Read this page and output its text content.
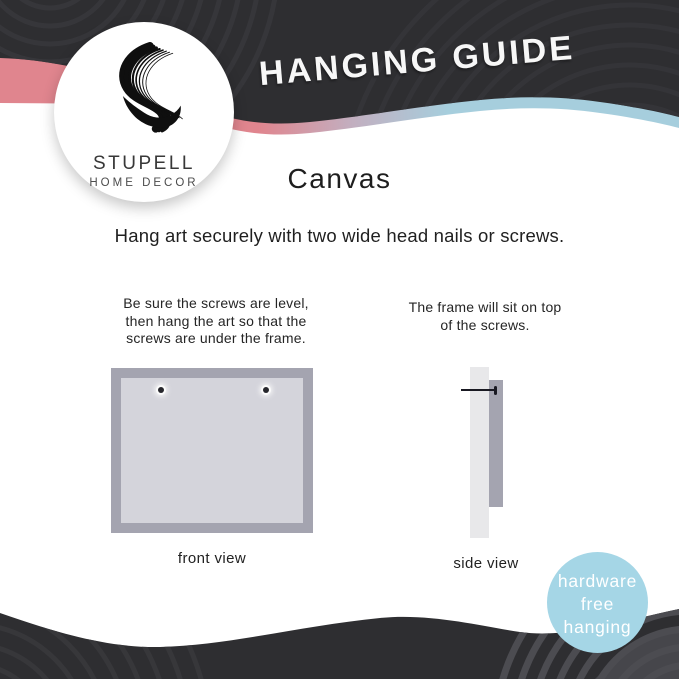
HANGING GUIDE
STUPELL
HOME DECOR	Canvas
Hang art securely with two wide head nails or screws.
Be sure the screws are level,
then hang the art so that the
screws are under the frame.
The frame will sit on top
of the screws.
front view	side view
hardware
free
hanging
